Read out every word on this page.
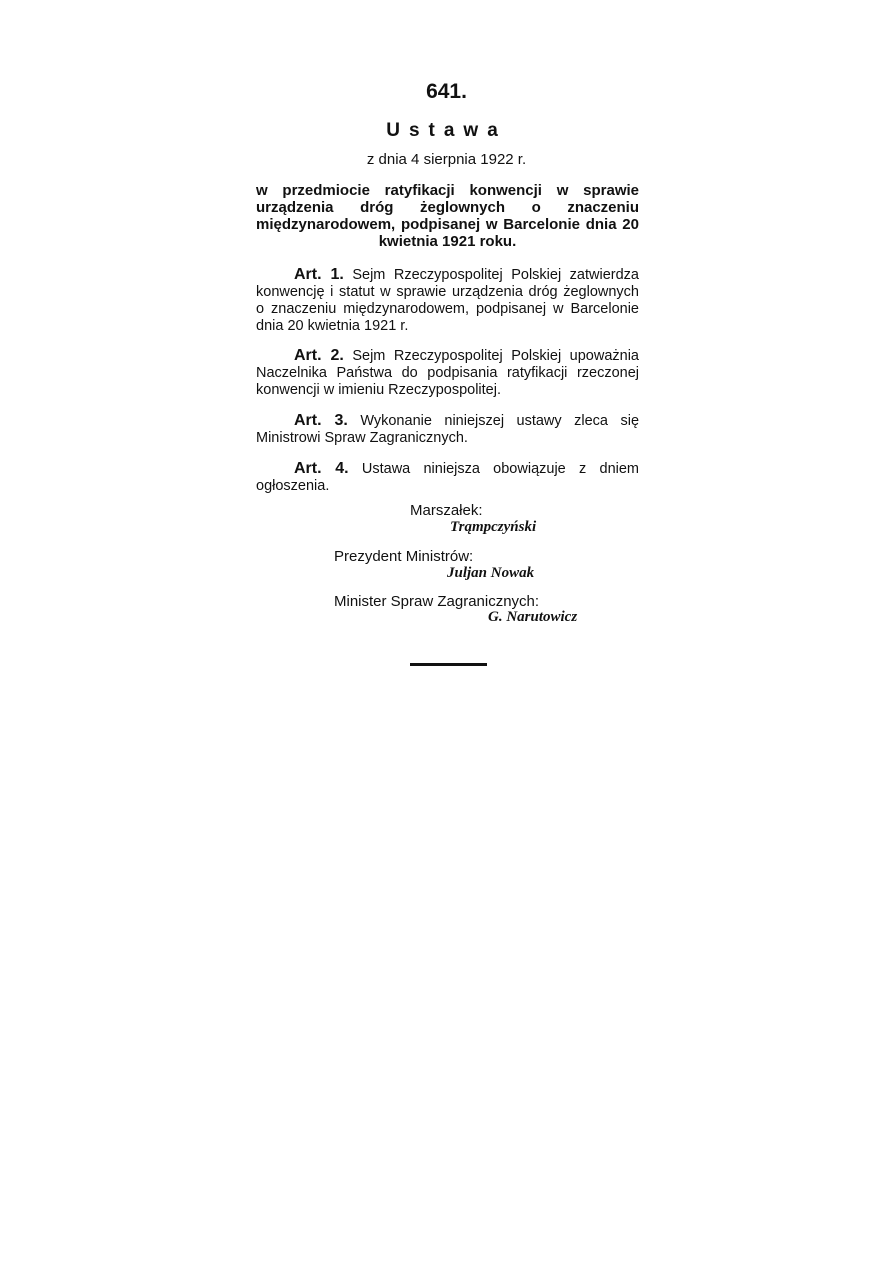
641.
Ustawa
z dnia 4 sierpnia 1922 r.
w przedmiocie ratyfikacji konwencji w sprawie urządzenia dróg żeglownych o znaczeniu międzynarodowem, podpisanej w Barcelonie dnia 20 kwietnia 1921 roku.
Art. 1. Sejm Rzeczypospolitej Polskiej zatwierdza konwencję i statut w sprawie urządzenia dróg żeglownych o znaczeniu międzynarodowem, podpisanej w Barcelonie dnia 20 kwietnia 1921 r.
Art. 2. Sejm Rzeczypospolitej Polskiej upoważnia Naczelnika Państwa do podpisania ratyfikacji rzeczonej konwencji w imieniu Rzeczypospolitej.
Art. 3. Wykonanie niniejszej ustawy zleca się Ministrowi Spraw Zagranicznych.
Art. 4. Ustawa niniejsza obowiązuje z dniem ogłoszenia.
Marszałek:
Trąmpczyński
Prezydent Ministrów:
Juljan Nowak
Minister Spraw Zagranicznych:
G. Narutowicz
